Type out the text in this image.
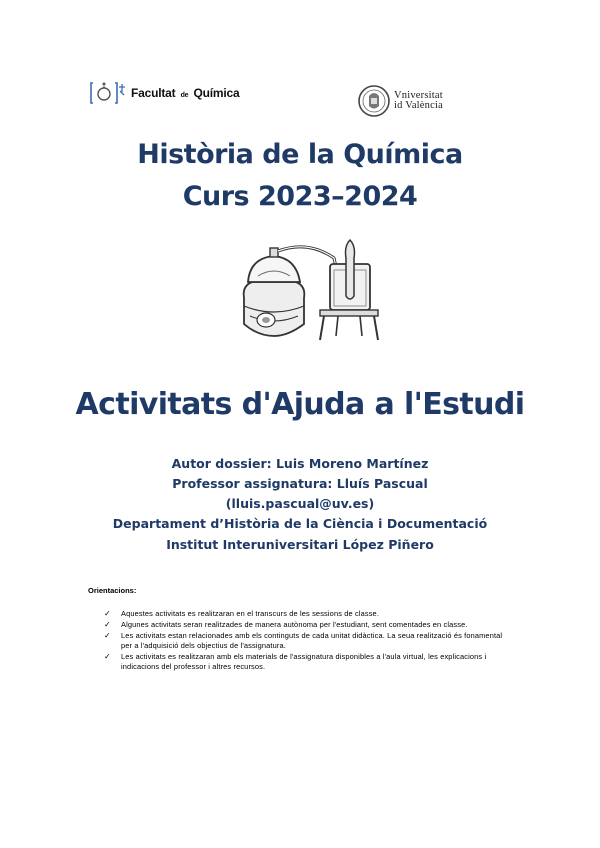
Facultat de Química	Vniversitat
id València
Història de la Química
Curs 2023–2024
Activitats d'Ajuda a l'Estudi
Autor dossier: Luis Moreno Martínez
Professor assignatura: Lluís Pascual
(lluis.pascual@uv.es)
Departament d’Història de la Ciència i Documentació
Institut Interuniversitari López Piñero
Orientacions:
✓ Aquestes activitats es realitzaran en el transcurs de les sessions de classe.
✓ Algunes activitats seran realitzades de manera autònoma per l'estudiant, sent comentades en classe.
✓ Les activitats estan relacionades amb els continguts de cada unitat didàctica. La seua realització és fonamental per a l'adquisició dels objectius de l'assignatura.
✓ Les activitats es realitzaran amb els materials de l'assignatura disponibles a l'aula virtual, les explicacions i indicacions del professor i altres recursos.
